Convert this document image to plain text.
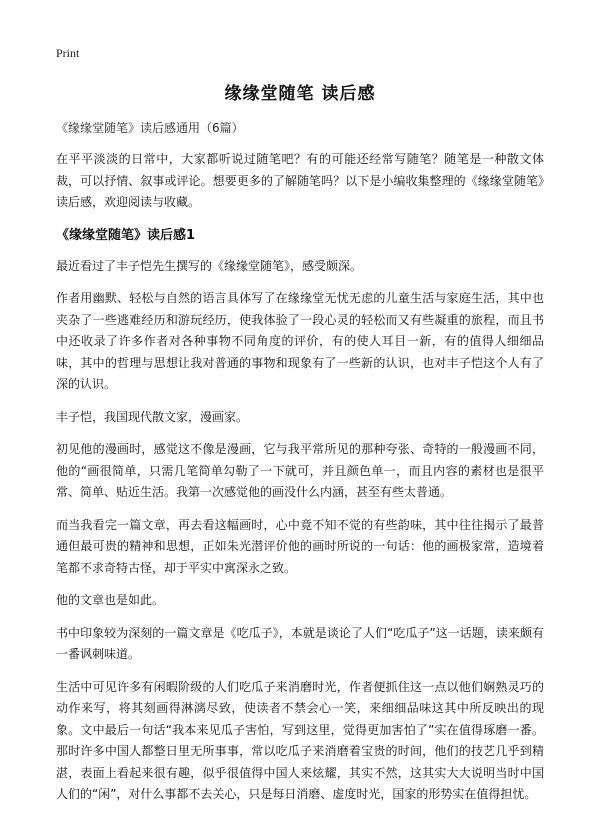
Print
缘缘堂随笔 读后感
《缘缘堂随笔》读后感通用（6篇）
在平平淡淡的日常中，大家都听说过随笔吧？有的可能还经常写随笔？随笔是一种散文体裁，可以抒情、叙事或评论。想要更多的了解随笔吗？以下是小编收集整理的《缘缘堂随笔》读后感，欢迎阅读与收藏。
《缘缘堂随笔》读后感1
最近看过了丰子恺先生撰写的《缘缘堂随笔》，感受颇深。
作者用幽默、轻松与自然的语言具体写了在缘缘堂无忧无虑的儿童生活与家庭生活，其中也夹杂了一些逃难经历和游玩经历，使我体验了一段心灵的轻松而又有些凝重的旅程，而且书中还收录了许多作者对各种事物不同角度的评价，有的使人耳目一新，有的值得人细细品味，其中的哲理与思想让我对普通的事物和现象有了一些新的认识，也对丰子恺这个人有了深的认识。
丰子恺，我国现代散文家，漫画家。
初见他的漫画时，感觉这不像是漫画，它与我平常所见的那种夸张、奇特的一般漫画不同，他的“画很简单，只需几笔简单勾勒了一下就可，并且颜色单一，而且内容的素材也是很平常、简单、贴近生活。我第一次感觉他的画没什么内涵，甚至有些太普通。
而当我看完一篇文章，再去看这幅画时，心中竟不知不觉的有些韵味，其中往往揭示了最普通但最可贵的精神和思想，正如朱光潜评价他的画时所说的一句话：他的画极家常，造境着笔都不求奇特古怪，却于平实中寓深永之致。
他的文章也是如此。
书中印象较为深刻的一篇文章是《吃瓜子》，本就是谈论了人们“吃瓜子”这一话题，读来颇有一番讽刺味道。
生活中可见许多有闲暇阶级的人们吃瓜子来消磨时光，作者便抓住这一点以他们娴熟灵巧的动作来写，将其刻画得淋漓尽致，使读者不禁会心一笑，来细细品味这其中所反映出的现象。文中最后一句话“我本来见瓜子害怕，写到这里，觉得更加害怕了”实在值得琢磨一番。那时许多中国人都整日里无所事事，常以吃瓜子来消磨着宝贵的时间，他们的技艺几乎到精湛，表面上看起来很有趣，似乎很值得中国人来炫耀，其实不然，这其实大大说明当时中国人们的“闲”，对什么事都不去关心，只是每日消磨、虚度时光，国家的形势实在值得担忧。
